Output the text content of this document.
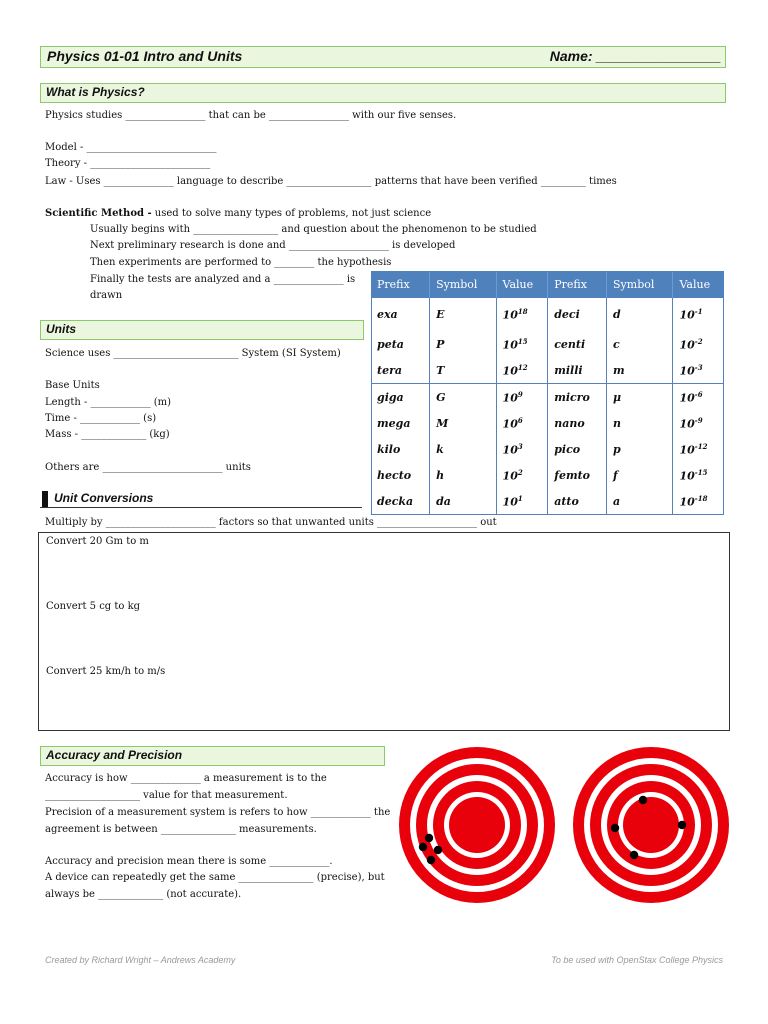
Physics 01-01 Intro and Units	Name: ________________
What is Physics?
Physics studies ________________ that can be ________________ with our five senses.
Model - __________________________
Theory - ________________________
Law - Uses ______________ language to describe _________________ patterns that have been verified _________ times
Scientific Method - used to solve many types of problems, not just science
Usually begins with _________________ and question about the phenomenon to be studied
Next preliminary research is done and ____________________ is developed
Then experiments are performed to ________ the hypothesis
Finally the tests are analyzed and a ______________ is
drawn
Units
Science uses _________________________ System (SI System)
Base Units
Length - ____________ (m)
Time - ____________ (s)
Mass - _____________ (kg)
Others are ________________________ units
Prefix	Symbol	Value	Prefix	Symbol	Value
exa	E	$10^{18}$	deci	d	$10^{-1}$
peta	P	$10^{15}$	centi	c	$10^{-2}$
tera	T	$10^{12}$	milli	m	$10^{-3}$
giga	G	$10^9$	micro	μ	$10^{-6}$
mega	M	$10^6$	nano	n	$10^{-9}$
kilo	k	$10^3$	pico	p	$10^{-12}$
hecto	h	$10^2$	femto	f	$10^{-15}$
decka	da	$10^1$	atto	a	$10^{-18}$
Unit Conversions
Multiply by ______________________ factors so that unwanted units ____________________ out
Convert 20 Gm to m
Convert 5 cg to kg
Convert 25 km/h to m/s
Accuracy and Precision
Accuracy is how ______________ a measurement is to the
___________________ value for that measurement.
Precision of a measurement system is refers to how ____________ the
agreement is between _______________ measurements.
Accuracy and precision mean there is some ____________.
A device can repeatedly get the same _______________ (precise), but
always be _____________ (not accurate).
Created by Richard Wright – Andrews Academy	To be used with OpenStax College Physics
